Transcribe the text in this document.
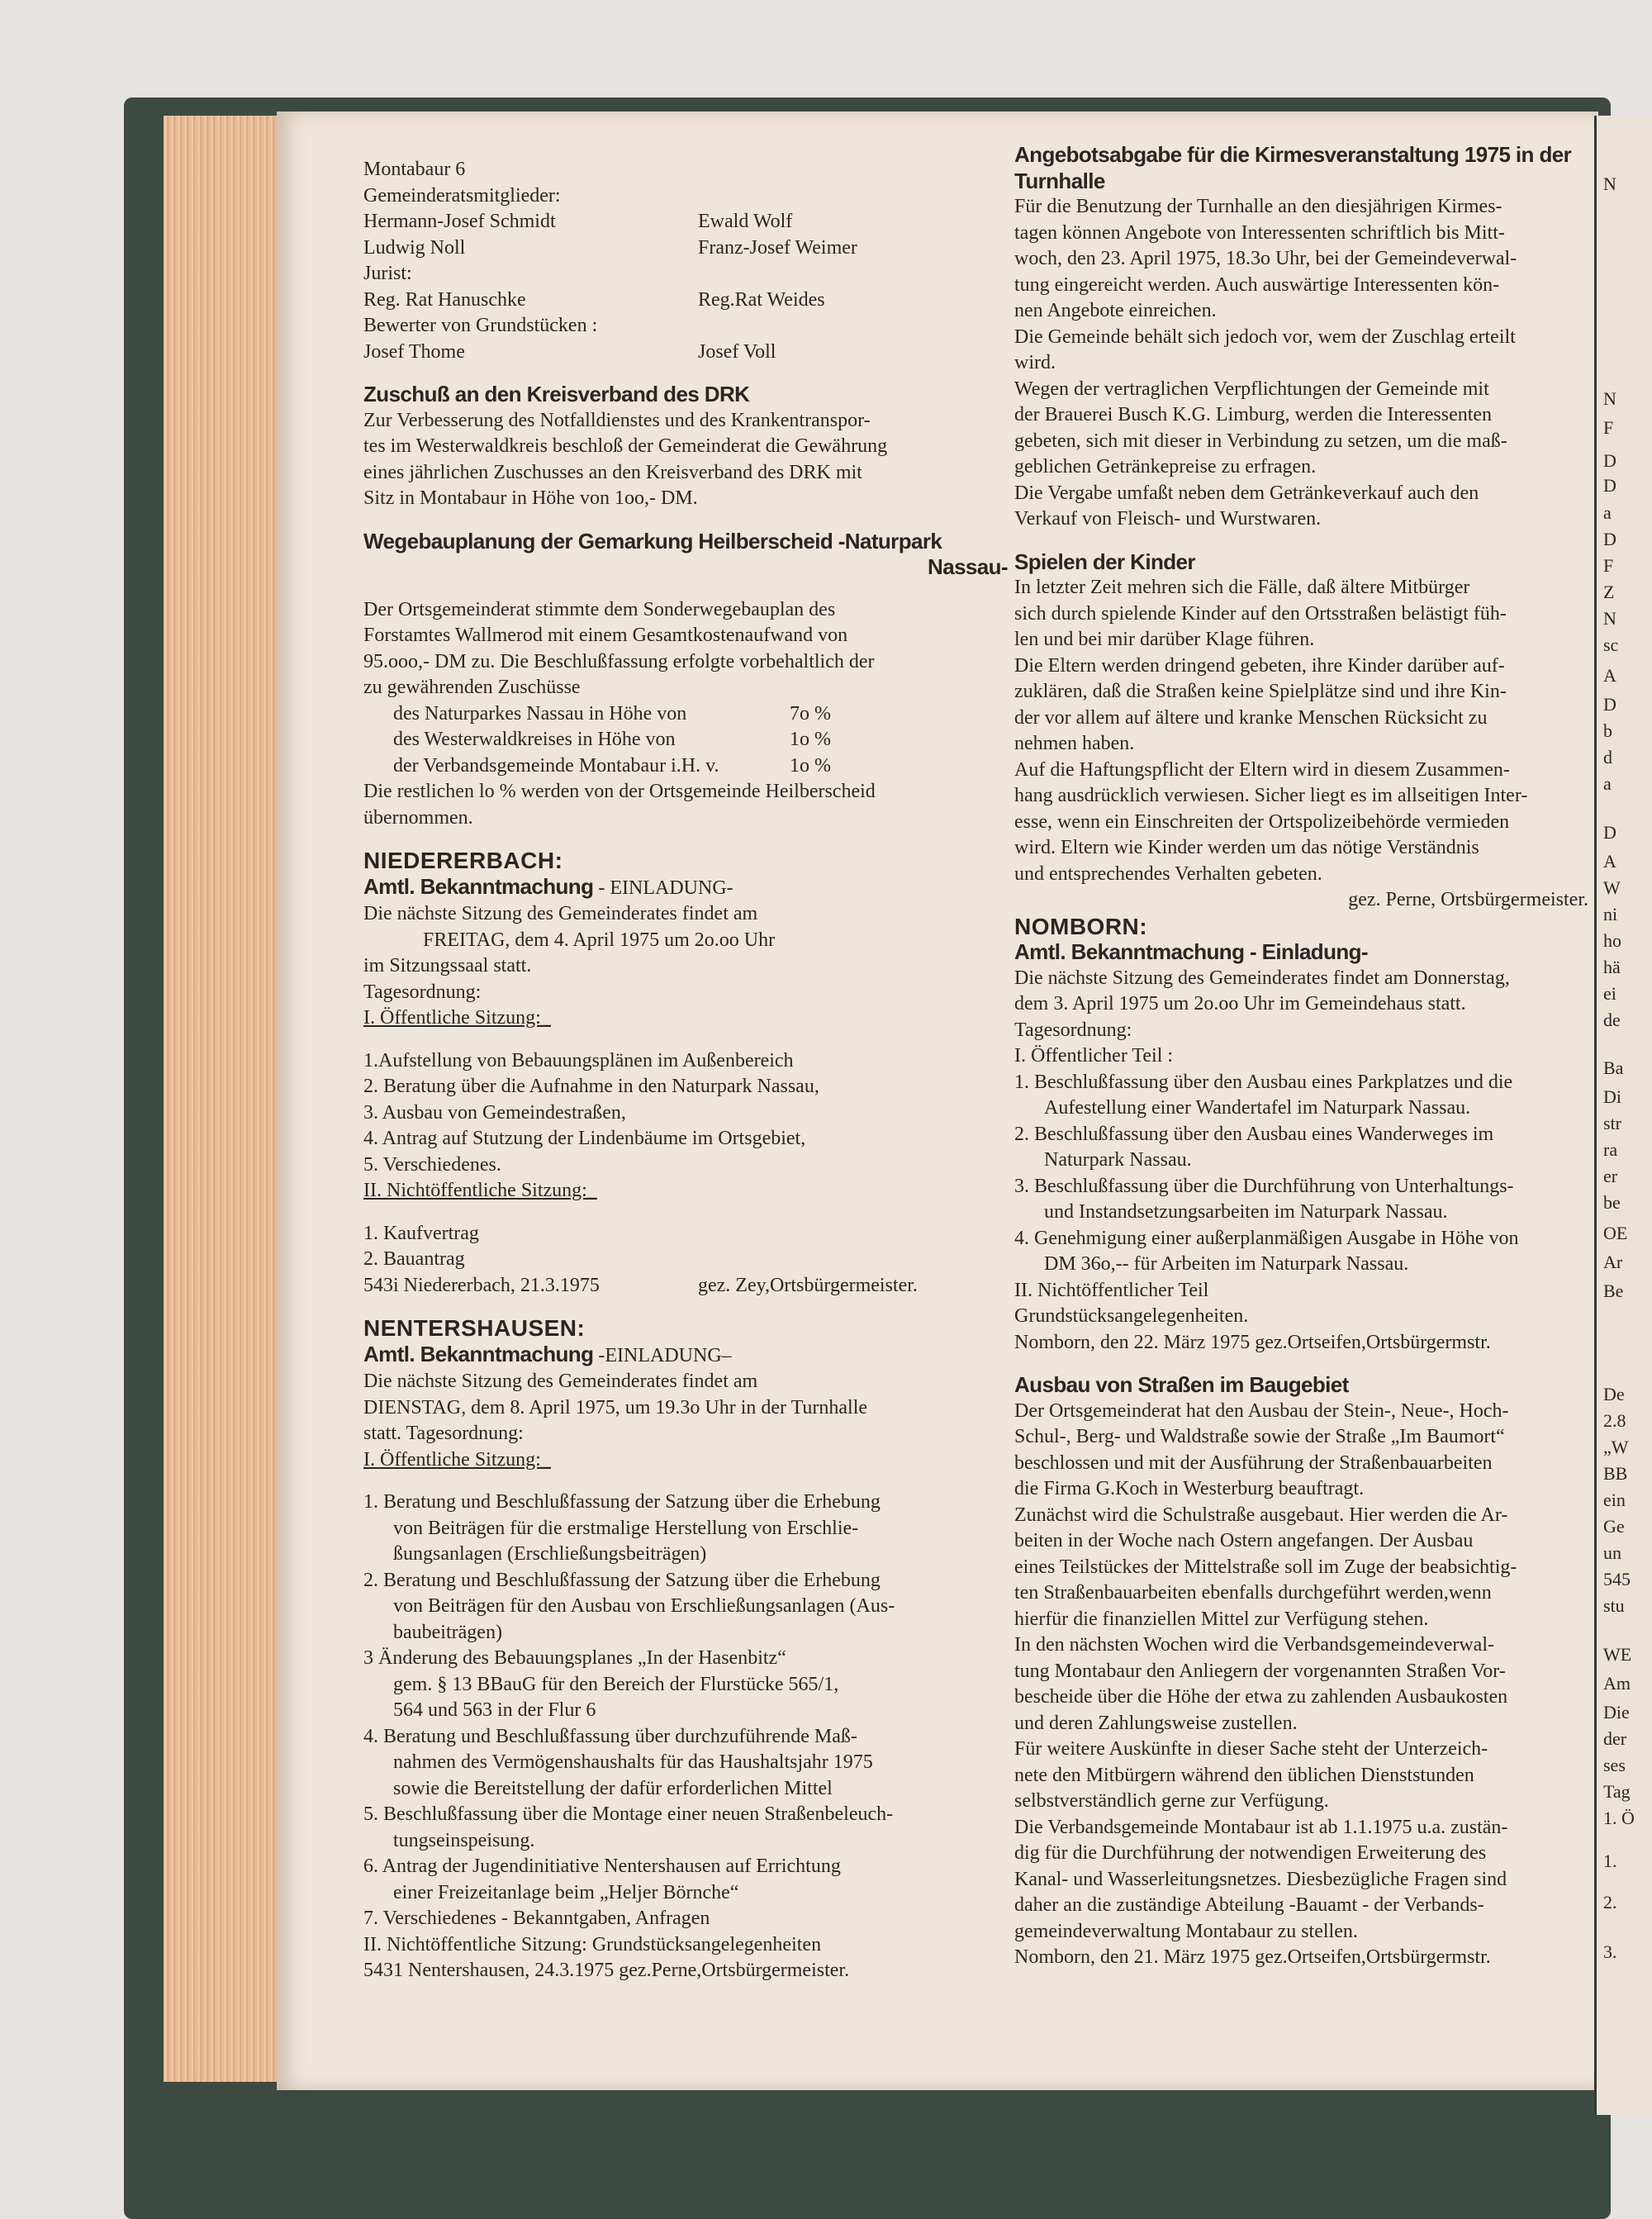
N
N
F
D
D
a
D
F
Z
N
sc
A
D
b
d
a
D
A
W
ni
ho
hä
ei
de
Ba
Di
str
ra
er
be
OE
Ar
Be
De
2.8
„W
BB
ein
Ge
un
545
stu
WE
Am
Die
der
ses
Tag
1. Ö
1.
2.
3.

Montabaur 6

Gemeinderatsmitglieder:

Hermann-Josef Schmidt	Ewald Wolf
Ludwig Noll	Franz-Josef Weimer

Jurist:

Reg. Rat Hanuschke	Reg.Rat Weides

Bewerter von Grundstücken :

Josef Thome	Josef Voll

Zuschuß an den Kreisverband des DRK

Zur Verbesserung des Notfalldienstes und des Krankentranspor-

tes im Westerwaldkreis beschloß der Gemeinderat die Gewährung

eines jährlichen Zuschusses an den Kreisverband des DRK mit

Sitz in Montabaur in Höhe von 1oo,- DM.

Wegebauplanung der Gemarkung Heilberscheid -Naturpark

Nassau-

Der Ortsgemeinderat stimmte dem Sonderwegebauplan des

Forstamtes Wallmerod mit einem Gesamtkostenaufwand von

95.ooo,- DM zu. Die Beschlußfassung erfolgte vorbehaltlich der

zu gewährenden Zuschüsse

des Naturparkes Nassau in Höhe von	7o %
des Westerwaldkreises in Höhe von	1o %
der Verbandsgemeinde Montabaur i.H. v.	1o %

Die restlichen lo % werden von der Ortsgemeinde Heilberscheid

übernommen.

NIEDERERBACH:

Amtl. Bekanntmachung - EINLADUNG-

Die nächste Sitzung des Gemeinderates findet am

FREITAG, dem 4. April 1975 um 2o.oo Uhr

im Sitzungssaal statt.

Tagesordnung:

I. Öffentliche Sitzung:_

1.Aufstellung von Bebauungsplänen im Außenbereich

2. Beratung über die Aufnahme in den Naturpark Nassau,

3. Ausbau von Gemeindestraßen,

4. Antrag auf Stutzung der Lindenbäume im Ortsgebiet,

5. Verschiedenes.

II. Nichtöffentliche Sitzung:_

1. Kaufvertrag

2. Bauantrag

543i Niedererbach, 21.3.1975	gez. Zey,Ortsbürgermeister.

NENTERSHAUSEN:

Amtl. Bekanntmachung -EINLADUNG–

Die nächste Sitzung des Gemeinderates findet am

DIENSTAG, dem 8. April 1975, um 19.3o Uhr in der Turnhalle

statt. Tagesordnung:

I. Öffentliche Sitzung:_

1. Beratung und Beschlußfassung der Satzung über die Erhebung

von Beiträgen für die erstmalige Herstellung von Erschlie-

ßungsanlagen (Erschließungsbeiträgen)

2. Beratung und Beschlußfassung der Satzung über die Erhebung

von Beiträgen für den Ausbau von Erschließungsanlagen (Aus-

baubeiträgen)

3 Änderung des Bebauungsplanes „In der Hasenbitz“

gem. § 13 BBauG für den Bereich der Flurstücke 565/1,

564 und 563 in der Flur 6

4. Beratung und Beschlußfassung über durchzuführende Maß-

nahmen des Vermögenshaushalts für das Haushaltsjahr 1975

sowie die Bereitstellung der dafür erforderlichen Mittel

5. Beschlußfassung über die Montage einer neuen Straßenbeleuch-

tungseinspeisung.

6. Antrag der Jugendinitiative Nentershausen auf Errichtung

einer Freizeitanlage beim „Heljer Börnche“

7. Verschiedenes - Bekanntgaben, Anfragen

II. Nichtöffentliche Sitzung: Grundstücksangelegenheiten

5431 Nentershausen, 24.3.1975 gez.Perne,Ortsbürgermeister.

Angebotsabgabe für die Kirmesveranstaltung 1975 in der

Turnhalle

Für die Benutzung der Turnhalle an den diesjährigen Kirmes-

tagen können Angebote von Interessenten schriftlich bis Mitt-

woch, den 23. April 1975, 18.3o Uhr, bei der Gemeindeverwal-

tung eingereicht werden. Auch auswärtige Interessenten kön-

nen Angebote einreichen.

Die Gemeinde behält sich jedoch vor, wem der Zuschlag erteilt

wird.

Wegen der vertraglichen Verpflichtungen der Gemeinde mit

der Brauerei Busch K.G. Limburg, werden die Interessenten

gebeten, sich mit dieser in Verbindung zu setzen, um die maß-

geblichen Getränkepreise zu erfragen.

Die Vergabe umfaßt neben dem Getränkeverkauf auch den

Verkauf von Fleisch- und Wurstwaren.

Spielen der Kinder

In letzter Zeit mehren sich die Fälle, daß ältere Mitbürger

sich durch spielende Kinder auf den Ortsstraßen belästigt füh-

len und bei mir darüber Klage führen.

Die Eltern werden dringend gebeten, ihre Kinder darüber auf-

zuklären, daß die Straßen keine Spielplätze sind und ihre Kin-

der vor allem auf ältere und kranke Menschen Rücksicht zu

nehmen haben.

Auf die Haftungspflicht der Eltern wird in diesem Zusammen-

hang ausdrücklich verwiesen. Sicher liegt es im allseitigen Inter-

esse, wenn ein Einschreiten der Ortspolizeibehörde vermieden

wird. Eltern wie Kinder werden um das nötige Verständnis

und entsprechendes Verhalten gebeten.

gez. Perne, Ortsbürgermeister.

NOMBORN:

Amtl. Bekanntmachung - Einladung-

Die nächste Sitzung des Gemeinderates findet am Donnerstag,

dem 3. April 1975 um 2o.oo Uhr im Gemeindehaus statt.

Tagesordnung:

I. Öffentlicher Teil :

1. Beschlußfassung über den Ausbau eines Parkplatzes und die

Aufestellung einer Wandertafel im Naturpark Nassau.

2. Beschlußfassung über den Ausbau eines Wanderweges im

Naturpark Nassau.

3. Beschlußfassung über die Durchführung von Unterhaltungs-

und Instandsetzungsarbeiten im Naturpark Nassau.

4. Genehmigung einer außerplanmäßigen Ausgabe in Höhe von

DM 36o,-- für Arbeiten im Naturpark Nassau.

II. Nichtöffentlicher Teil

Grundstücksangelegenheiten.

Nomborn, den 22. März 1975 gez.Ortseifen,Ortsbürgermstr.

Ausbau von Straßen im Baugebiet

Der Ortsgemeinderat hat den Ausbau der Stein-, Neue-, Hoch-

Schul-, Berg- und Waldstraße sowie der Straße „Im Baumort“

beschlossen und mit der Ausführung der Straßenbauarbeiten

die Firma G.Koch in Westerburg beauftragt.

Zunächst wird die Schulstraße ausgebaut. Hier werden die Ar-

beiten in der Woche nach Ostern angefangen. Der Ausbau

eines Teilstückes der Mittelstraße soll im Zuge der beabsichtig-

ten Straßenbauarbeiten ebenfalls durchgeführt werden,wenn

hierfür die finanziellen Mittel zur Verfügung stehen.

In den nächsten Wochen wird die Verbandsgemeindeverwal-

tung Montabaur den Anliegern der vorgenannten Straßen Vor-

bescheide über die Höhe der etwa zu zahlenden Ausbaukosten

und deren Zahlungsweise zustellen.

Für weitere Auskünfte in dieser Sache steht der Unterzeich-

nete den Mitbürgern während den üblichen Dienststunden

selbstverständlich gerne zur Verfügung.

Die Verbandsgemeinde Montabaur ist ab 1.1.1975 u.a. zustän-

dig für die Durchführung der notwendigen Erweiterung des

Kanal- und Wasserleitungsnetzes. Diesbezügliche Fragen sind

daher an die zuständige Abteilung -Bauamt - der Verbands-

gemeindeverwaltung Montabaur zu stellen.

Nomborn, den 21. März 1975 gez.Ortseifen,Ortsbürgermstr.
